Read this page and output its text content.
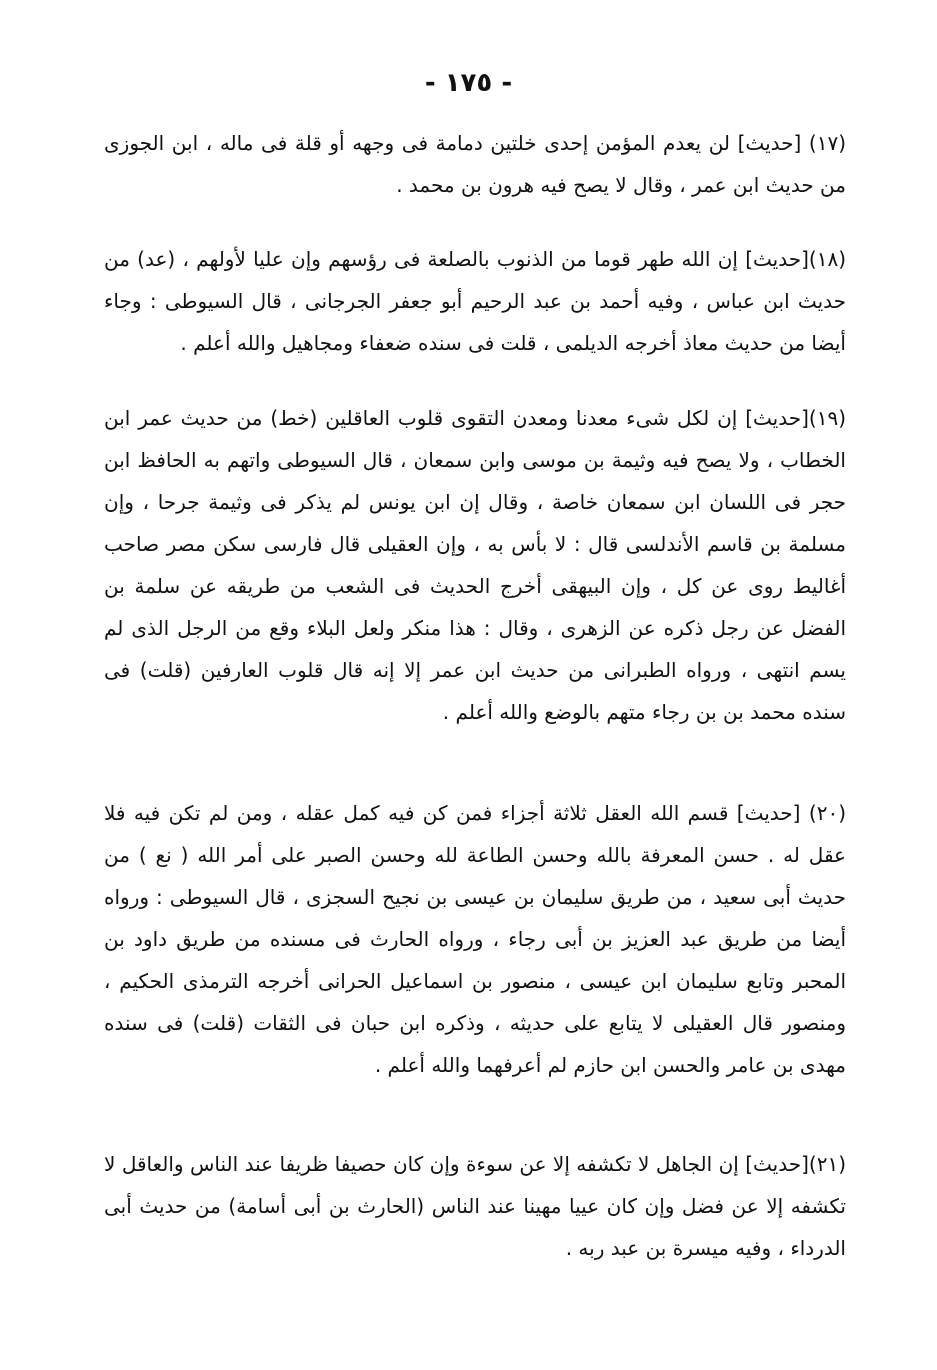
- ١٧٥ -

(١٧) [حديث] لن يعدم المؤمن إحدى خلتين دمامة فى وجهه أو قلة فى ماله ، ابن الجوزى من حديث ابن عمر ، وقال لا يصح فيه هرون بن محمد .

(١٨)[حديث] إن الله طهر قوما من الذنوب بالصلعة فى رؤسهم وإن عليا لأولهم ، (عد) من حديث ابن عباس ، وفيه أحمد بن عبد الرحيم أبو جعفر الجرجانى ، قال السيوطى : وجاء أيضا من حديث معاذ أخرجه الديلمى ، قلت فى سنده ضعفاء ومجاهيل والله أعلم .

(١٩)[حديث] إن لكل شىء معدنا ومعدن التقوى قلوب العاقلين (خط) من حديث عمر ابن الخطاب ، ولا يصح فيه وثيمة بن موسى وابن سمعان ، قال السيوطى واتهم به الحافظ ابن حجر فى اللسان ابن سمعان خاصة ، وقال إن ابن يونس لم يذكر فى وثيمة جرحا ، وإن مسلمة بن قاسم الأندلسى قال : لا بأس به ، وإن العقيلى قال فارسى سكن مصر صاحب أغاليط روى عن كل ، وإن البيهقى أخرج الحديث فى الشعب من طريقه عن سلمة بن الفضل عن رجل ذكره عن الزهرى ، وقال : هذا منكر ولعل البلاء وقع من الرجل الذى لم يسم انتهى ، ورواه الطبرانى من حديث ابن عمر إلا إنه قال قلوب العارفين (قلت) فى سنده محمد بن بن رجاء متهم بالوضع والله أعلم .

(٢٠) [حديث] قسم الله العقل ثلاثة أجزاء فمن كن فيه كمل عقله ، ومن لم تكن فيه فلا عقل له . حسن المعرفة بالله وحسن الطاعة لله وحسن الصبر على أمر الله ( نع ) من حديث أبى سعيد ، من طريق سليمان بن عيسى بن نجيح السجزى ، قال السيوطى : ورواه أيضا من طريق عبد العزيز بن أبى رجاء ، ورواه الحارث فى مسنده من طريق داود بن المحبر وتابع سليمان ابن عيسى ، منصور بن اسماعيل الحرانى أخرجه الترمذى الحكيم ، ومنصور قال العقيلى لا يتابع على حديثه ، وذكره ابن حبان فى الثقات (قلت) فى سنده مهدى بن عامر والحسن ابن حازم لم أعرفهما والله أعلم .

(٢١)[حديث] إن الجاهل لا تكشفه إلا عن سوءة وإن كان حصيفا ظريفا عند الناس والعاقل لا تكشفه إلا عن فضل وإن كان عييا مهينا عند الناس (الحارث بن أبى أسامة) من حديث أبى الدرداء ، وفيه ميسرة بن عبد ربه .
